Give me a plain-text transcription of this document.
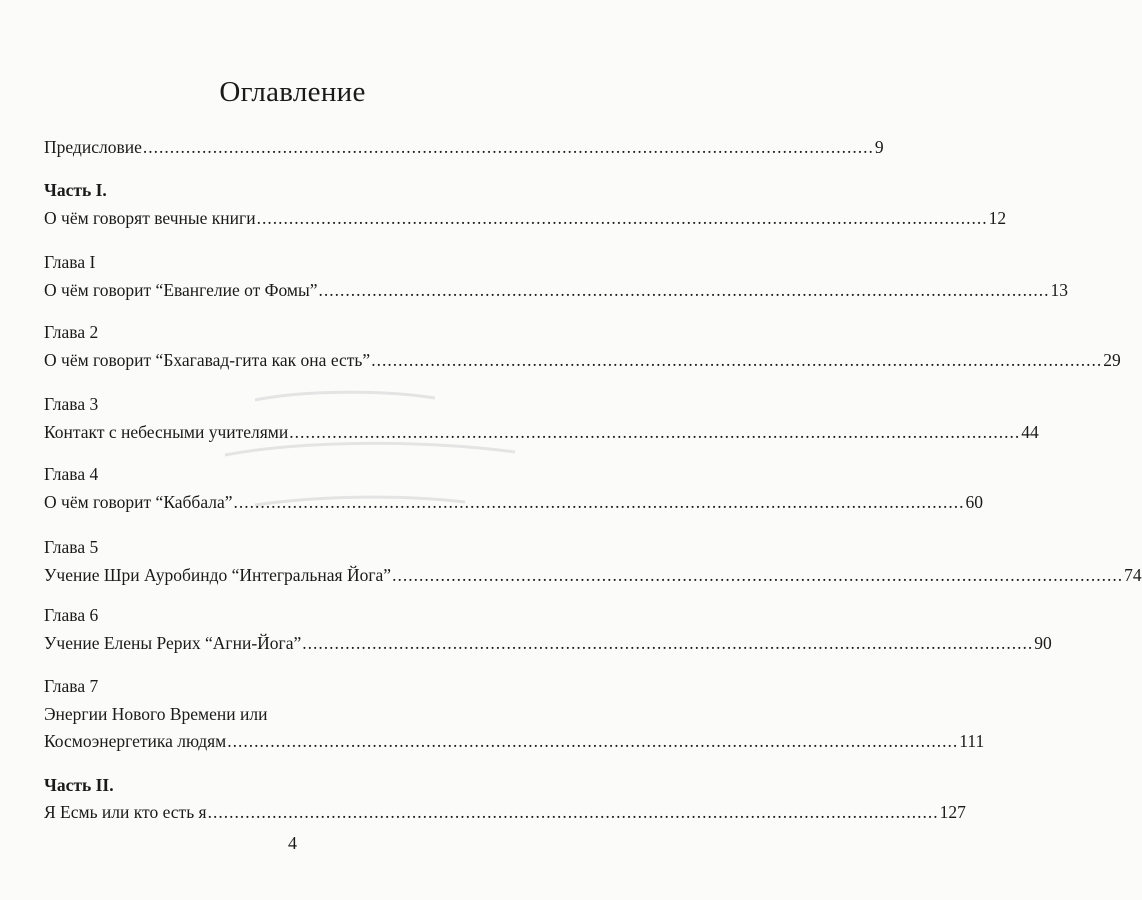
Оглавление
Предисловие ........................................................................................................................................ 9
Часть I.
О чём говорят вечные книги ........................................................................................................................................ 12
Глава I
О чём говорит “Евангелие от Фомы” ........................................................................................................................................ 13
Глава 2
О чём говорит “Бхагавад-гита как она есть” ........................................................................................................................................ 29
Глава 3
Контакт с небесными учителями ........................................................................................................................................ 44
Глава 4
О чём говорит “Каббала” ........................................................................................................................................ 60
Глава 5
Учение Шри Ауробиндо “Интегральная Йога” ........................................................................................................................................ 74
Глава 6
Учение Елены Рерих “Агни-Йога” ........................................................................................................................................ 90
Глава 7
Энергии Нового Времени или
Космоэнергетика людям ........................................................................................................................................ 111
Часть II.
Я Есмь или кто есть я ........................................................................................................................................ 127
4
